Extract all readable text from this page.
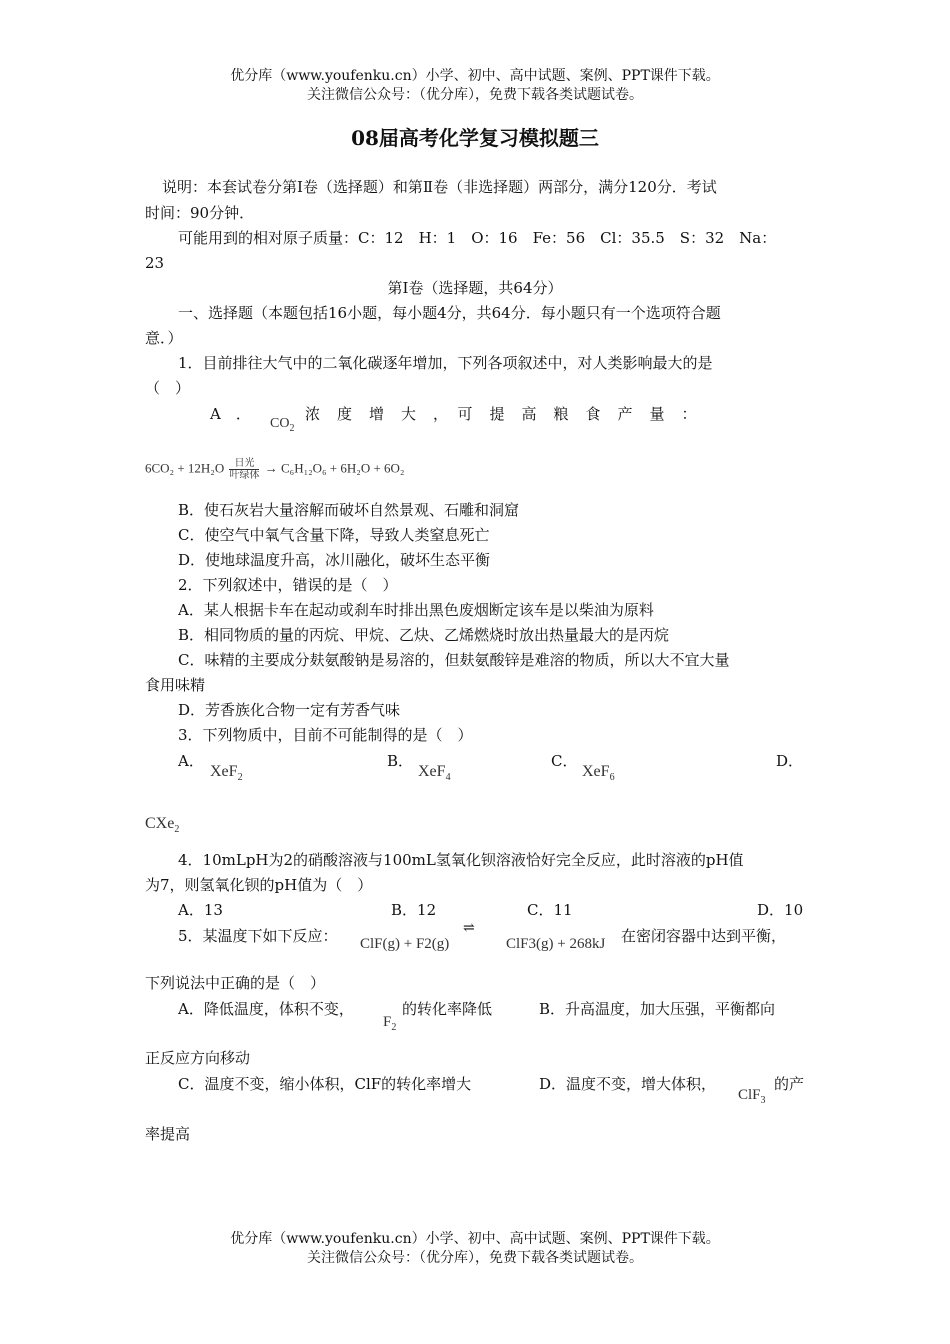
优分库（www.youfenku.cn）小学、初中、高中试题、案例、PPT课件下载。
关注微信公众号：（优分库），免费下载各类试题试卷。
08届高考化学复习模拟题三
说明：本套试卷分第Ⅰ卷（选择题）和第Ⅱ卷（非选择题）两部分，满分120分．考试
时间：90分钟．
可能用到的相对原子质量：C：12　H：1　O：16　Fe：56　Cl：35.5　S：32　Na：
23
第Ⅰ卷（选择题，共64分）
一、选择题（本题包括16小题，每小题4分，共64分．每小题只有一个选项符合题
意．）
1．目前排往大气中的二氧化碳逐年增加，下列各项叙述中，对人类影响最大的是
（　）
A　．
$CO_2$
浓　度　增　大　，　可　提　高　粮　食　产　量　：
$6CO_2 + 12H_2O \frac{\text{日光}}{\text{叶绿体}} \to C_6H_{12}O_6 + 6H_2O + 6O_2$
B．使石灰岩大量溶解而破坏自然景观、石雕和洞窟
C．使空气中氧气含量下降，导致人类窒息死亡
D．使地球温度升高，冰川融化，破坏生态平衡
2．下列叙述中，错误的是（　）
A．某人根据卡车在起动或刹车时排出黑色废烟断定该车是以柴油为原料
B．相同物质的量的丙烷、甲烷、乙炔、乙烯燃烧时放出热量最大的是丙烷
C．味精的主要成分麸氨酸钠是易溶的，但麸氨酸锌是难溶的物质，所以大不宜大量
食用味精
D．芳香族化合物一定有芳香气味
3．下列物质中，目前不可能制得的是（　）
A．
XeF$_2$
B．
XeF$_4$
C．
XeF$_6$
D．
CXe$_2$
4．10mLpH为2的硝酸溶液与100mL氢氧化钡溶液恰好完全反应，此时溶液的pH值
为7，则氢氧化钡的pH值为（　）
A．13	B．12	C．11	D．10
5．某温度下如下反应： ClF(g) + F2(g)
⇌
ClF3(g) + 268kJ 在密闭容器中达到平衡，
下列说法中正确的是（　）
A．降低温度，体积不变，
$F_2$
的转化率降低	B．升高温度，加大压强，平衡都向
正反应方向移动
C．温度不变，缩小体积，ClF的转化率增大	D．温度不变，增大体积，
ClF$_3$
的产
率提高
优分库（www.youfenku.cn）小学、初中、高中试题、案例、PPT课件下载。
关注微信公众号：（优分库），免费下载各类试题试卷。
